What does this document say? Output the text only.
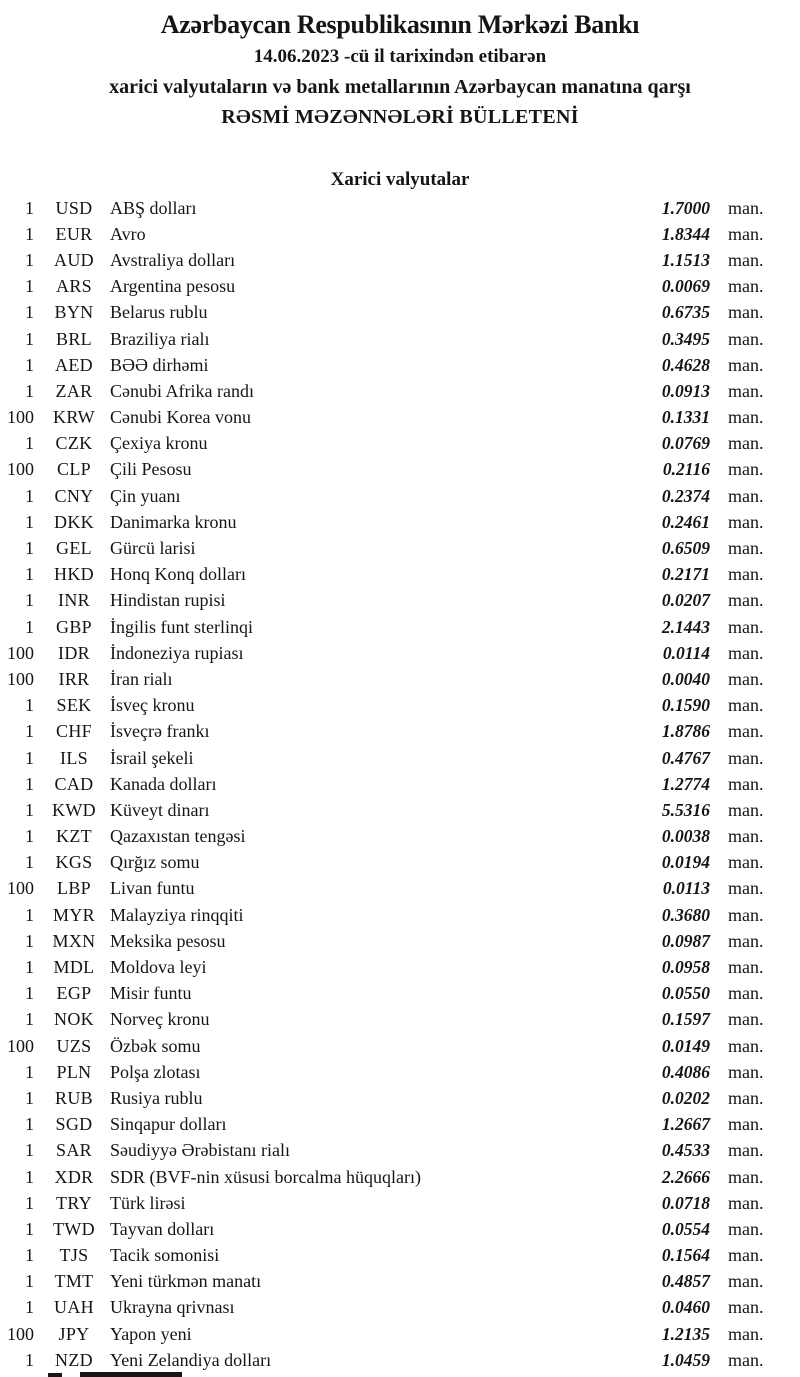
Azərbaycan Respublikasının Mərkəzi Bankı
14.06.2023 -cü il tarixindən etibarən
xarici valyutaların və bank metallarının Azərbaycan manatına qarşı
RƏSMİ MƏZƏNNƏLƏRİ BÜLLETENİ
Xarici valyutalar
1	USD ABŞ dolları	1.7000 man.
1	EUR Avro	1.8344 man.
1	AUD Avstraliya dolları	1.1513 man.
1	ARS	Argentina pesosu	0.0069 man.
1	BYN Belarus rublu	0.6735 man.
1	BRL	Braziliya rialı	0.3495 man.
1	AED BƏƏ dirhəmi	0.4628 man.
1	ZAR Cənubi Afrika randı	0.0913 man.
100	KRW Cənubi Korea vonu	0.1331 man.
1	CZK Çexiya kronu	0.0769 man.
100	CLP	Çili Pesosu	0.2116 man.
1	CNY Çin yuanı	0.2374 man.
1	DKK Danimarka kronu	0.2461 man.
1	GEL	Gürcü larisi	0.6509 man.
1	HKD Honq Konq dolları	0.2171 man.
1	INR	Hindistan rupisi	0.0207 man.
1	GBP	İngilis funt sterlinqi	2.1443 man.
100	IDR	İndoneziya rupiası	0.0114 man.
100	IRR	İran rialı	0.0040 man.
1	SEK	İsveç kronu	0.1590 man.
1	CHF	İsveçrə frankı	1.8786 man.
1	ILS	İsrail şekeli	0.4767 man.
1	CAD Kanada dolları	1.2774 man.
1	KWD Küveyt dinarı	5.5316 man.
1	KZT	Qazaxıstan tengəsi	0.0038 man.
1	KGS Qırğız somu	0.0194 man.
100	LBP	Livan funtu	0.0113 man.
1	MYR Malayziya rinqqiti	0.3680 man.
1	MXN Meksika pesosu	0.0987 man.
1	MDL Moldova leyi	0.0958 man.
1	EGP	Misir funtu	0.0550 man.
1	NOK Norveç kronu	0.1597 man.
100	UZS	Özbək somu	0.0149 man.
1	PLN	Polşa zlotası	0.4086 man.
1	RUB Rusiya rublu	0.0202 man.
1	SGD Sinqapur dolları	1.2667 man.
1	SAR	Səudiyyə Ərəbistanı rialı	0.4533 man.
1	XDR SDR (BVF-nin xüsusi borcalma hüquqları)	2.2666 man.
1	TRY	Türk lirəsi	0.0718 man.
1	TWD Tayvan dolları	0.0554 man.
1	TJS	Tacik somonisi	0.1564 man.
1	TMT Yeni türkmən manatı	0.4857 man.
1	UAH Ukrayna qrivnası	0.0460 man.
100	JPY	Yapon yeni	1.2135 man.
1	NZD Yeni Zelandiya dolları	1.0459 man.
